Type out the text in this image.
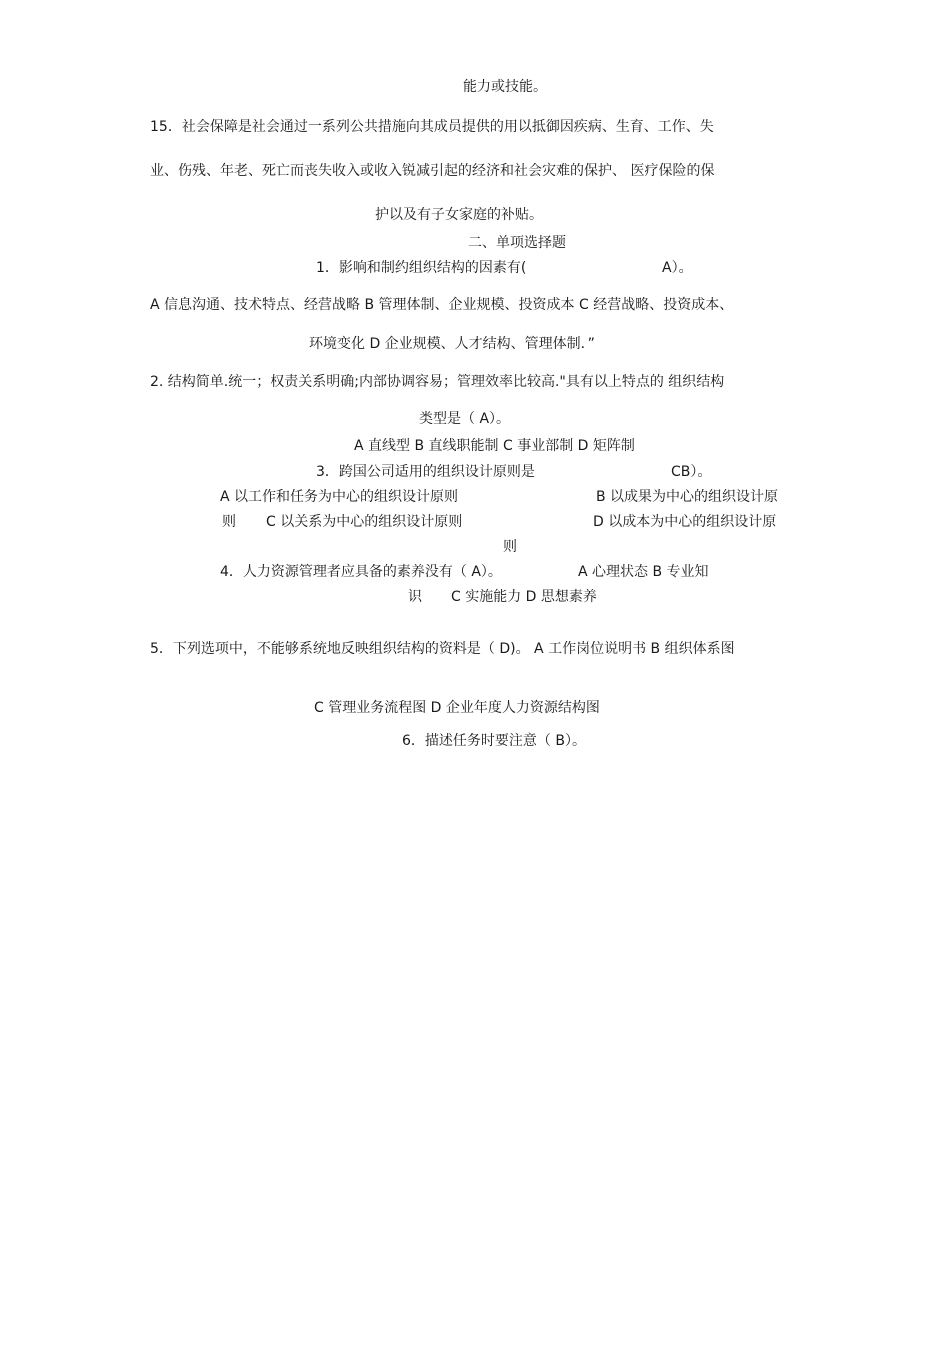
能力或技能。
15．社会保障是社会通过一系列公共措施向其成员提供的用以抵御因疾病、生育、工作、失
业、伤残、年老、死亡而丧失收入或收入锐减引起的经济和社会灾难的保护、 医疗保险的保
护以及有子女家庭的补贴。
二、单项选择题
1．影响和制约组织结构的因素有(	A）。
A 信息沟通、技术特点、经营战略 B 管理体制、企业规模、投资成本 C 经营战略、投资成本、
环境变化 D 企业规模、人才结构、管理体制．”
2. 结构简单.统一；权责关系明确;内部协调容易；管理效率比较高."具有以上特点的 组织结构
类型是（ A）。
A 直线型 B 直线职能制 C 事业部制 D 矩阵制
3．跨国公司适用的组织设计原则是	CB）。
A 以工作和任务为中心的组织设计原则	B 以成果为中心的组织设计原
则 C 以关系为中心的组织设计原则	D 以成本为中心的组织设计原
则
4．人力资源管理者应具备的素养没有（ A）。	A 心理状态 B 专业知
识 C 实施能力 D 思想素养
5．下列选项中，不能够系统地反映组织结构的资料是（ D)。 A 工作岗位说明书 B 组织体系图
C 管理业务流程图 D 企业年度人力资源结构图
6．描述任务时要注意（ B）。
